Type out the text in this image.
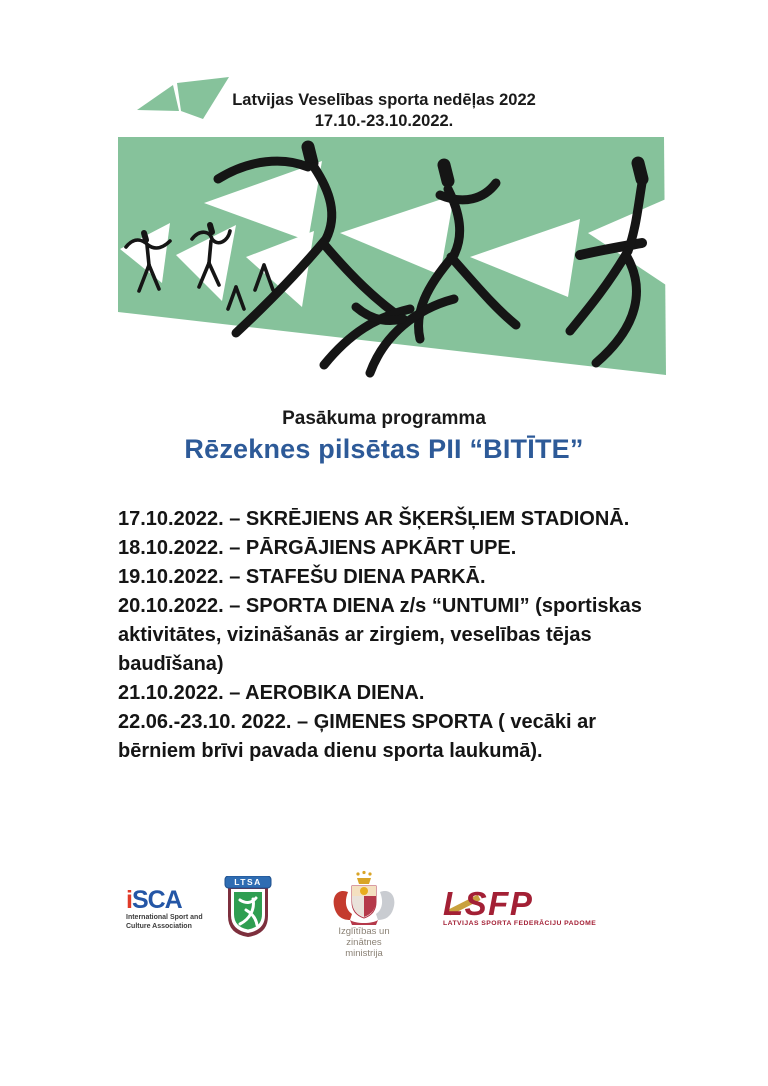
Latvijas Veselības sporta nedēļas 2022
17.10.-23.10.2022.
Pasākuma programma
Rēzeknes pilsētas PII “BITĪTE”

17.10.2022. – SKRĒJIENS AR ŠĶERŠĻIEM STADIONĀ.

18.10.2022. – PĀRGĀJIENS APKĀRT UPE.

19.10.2022. – STAFEŠU DIENA PARKĀ.

20.10.2022. – SPORTA DIENA z/s “UNTUMI” (sportiskas aktivitātes, vizināšanās ar zirgiem, veselības tējas baudīšana)

21.10.2022. – AEROBIKA DIENA.

22.06.-23.10. 2022. – ĢIMENES SPORTA ( vecāki ar bērniem brīvi pavada dienu sporta laukumā).

iSCA
International Sport and
Culture Association
LTSA
Izglītības un zinātnes
ministrija
LSFP
LATVIJAS SPORTA FEDERĀCIJU PADOME
